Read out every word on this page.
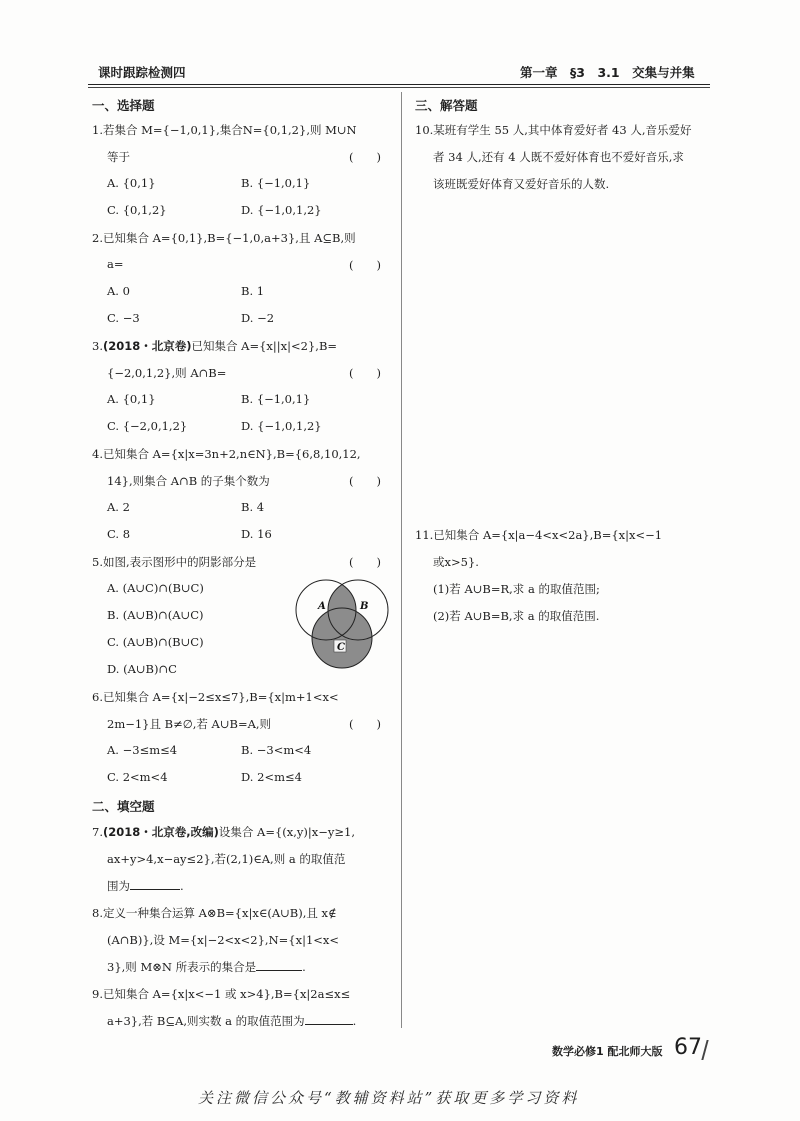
课时跟踪检测四	第一章　§3　3.1　交集与并集
一、选择题
1.若集合 M={−1,0,1},集合N={0,1,2},则 M∪N
等于	(　　)
A. {0,1}	B. {−1,0,1}
C. {0,1,2}	D. {−1,0,1,2}
2.已知集合 A={0,1},B={−1,0,a+3},且 A⊆B,则
a=	(　　)
A. 0	B. 1
C. −3	D. −2
3.(2018・北京卷)已知集合 A={x||x|<2},B=
{−2,0,1,2},则 A∩B=	(　　)
A. {0,1}	B. {−1,0,1}
C. {−2,0,1,2}	D. {−1,0,1,2}
4.已知集合 A={x|x=3n+2,n∈N},B={6,8,10,12,
14},则集合 A∩B 的子集个数为	(　　)
A. 2	B. 4
C. 8	D. 16
5.如图,表示图形中的阴影部分是	(　　)
A. (A∪C)∩(B∪C)
B. (A∪B)∩(A∪C)
C. (A∪B)∩(B∪C)
D. (A∪B)∩C
A	B
C
6.已知集合 A={x|−2≤x≤7},B={x|m+1<x<
2m−1}且 B≠∅,若 A∪B=A,则	(　　)
A. −3≤m≤4	B. −3<m<4
C. 2<m<4	D. 2<m≤4
二、填空题
7.(2018・北京卷,改编)设集合 A={(x,y)|x−y≥1,
ax+y>4,x−ay≤2},若(2,1)∈A,则 a 的取值范
围为	.
8.定义一种集合运算 A⊗B={x|x∈(A∪B),且 x∉
(A∩B)},设 M={x|−2<x<2},N={x|1<x<
3},则 M⊗N 所表示的集合是	.
9.已知集合 A={x|x<−1 或 x>4},B={x|2a≤x≤
a+3},若 B⊆A,则实数 a 的取值范围为	.
三、解答题
10.某班有学生 55 人,其中体育爱好者 43 人,音乐爱好
者 34 人,还有 4 人既不爱好体育也不爱好音乐,求
该班既爱好体育又爱好音乐的人数.
11.已知集合 A={x|a−4<x<2a},B={x|x<−1
或x>5}.
(1)若 A∪B=R,求 a 的取值范围;
(2)若 A∪B=B,求 a 的取值范围.
数学必修1 配北师大版 67
关注微信公众号“教辅资料站”获取更多学习资料
